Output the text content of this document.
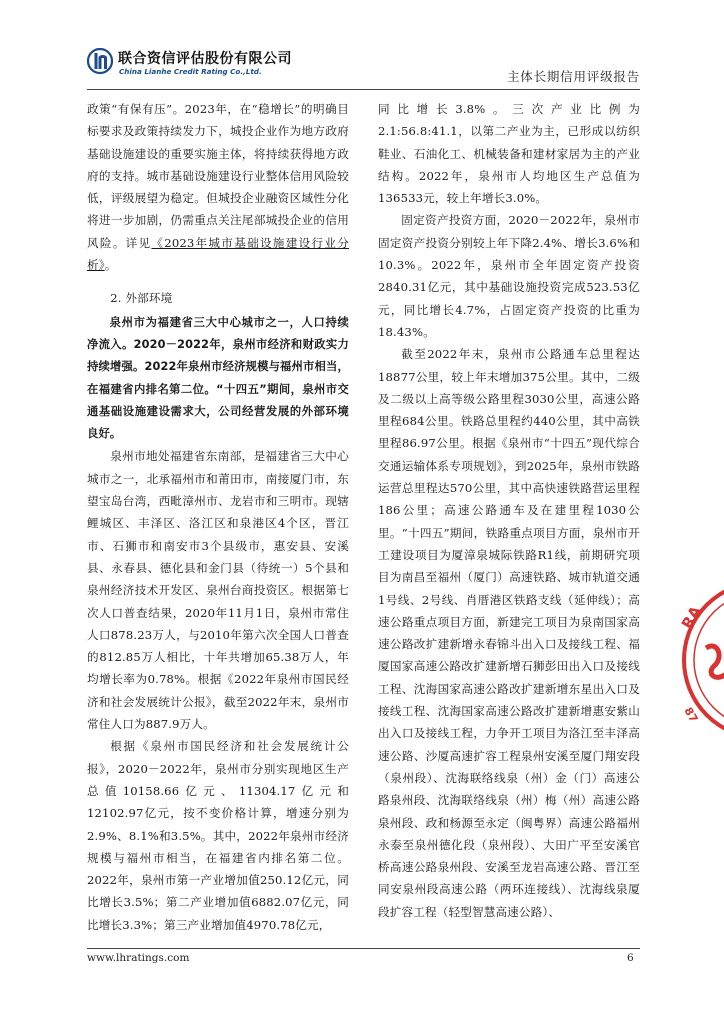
联合资信评估股份有限公司
China Lianhe Credit Rating Co.,Ltd.	主体长期信用评级报告

政策“有保有压”。2023年，在“稳增长”的明确目标要求及政策持续发力下，城投企业作为地方政府基础设施建设的重要实施主体，将持续获得地方政府的支持。城市基础设施建设行业整体信用风险较低，评级展望为稳定。但城投企业融资区域性分化将进一步加剧，仍需重点关注尾部城投企业的信用风险。详见《2023年城市基础设施建设行业分析》。

2. 外部环境

泉州市为福建省三大中心城市之一，人口持续净流入。2020－2022年，泉州市经济和财政实力持续增强。2022年泉州市经济规模与福州市相当，在福建省内排名第二位。“十四五”期间，泉州市交通基础设施建设需求大，公司经营发展的外部环境良好。

泉州市地处福建省东南部，是福建省三大中心城市之一，北承福州市和莆田市，南接厦门市，东望宝岛台湾，西毗漳州市、龙岩市和三明市。现辖鲤城区、丰泽区、洛江区和泉港区4个区，晋江市、石狮市和南安市3个县级市，惠安县、安溪县、永春县、德化县和金门县（待统一）5个县和泉州经济技术开发区、泉州台商投资区。根据第七次人口普查结果，2020年11月1日，泉州市常住人口878.23万人，与2010年第六次全国人口普查的812.85万人相比，十年共增加65.38万人，年均增长率为0.78%。根据《2022年泉州市国民经济和社会发展统计公报》，截至2022年末，泉州市常住人口为887.9万人。

根据《泉州市国民经济和社会发展统计公报》，2020－2022年，泉州市分别实现地区生产总值10158.66亿元、11304.17亿元和12102.97亿元，按不变价格计算，增速分别为2.9%、8.1%和3.5%。其中，2022年泉州市经济规模与福州市相当，在福建省内排名第二位。2022年，泉州市第一产业增加值250.12亿元，同比增长3.5%；第二产业增加值6882.07亿元，同比增长3.3%；第三产业增加值4970.78亿元，

同比增长3.8%。三次产业比例为2.1:56.8:41.1，以第二产业为主，已形成以纺织鞋业、石油化工、机械装备和建材家居为主的产业结构。2022年，泉州市人均地区生产总值为136533元，较上年增长3.0%。

固定资产投资方面，2020－2022年，泉州市固定资产投资分别较上年下降2.4%、增长3.6%和10.3%。2022年，泉州市全年固定资产投资2840.31亿元，其中基础设施投资完成523.53亿元，同比增长4.7%，占固定资产投资的比重为18.43%。

截至2022年末，泉州市公路通车总里程达18877公里，较上年末增加375公里。其中，二级及二级以上高等级公路里程3030公里，高速公路里程684公里。铁路总里程约440公里，其中高铁里程86.97公里。根据《泉州市“十四五”现代综合交通运输体系专项规划》，到2025年，泉州市铁路运营总里程达570公里，其中高快速铁路营运里程186公里；高速公路通车及在建里程1030公里。“十四五”期间，铁路重点项目方面，泉州市开工建设项目为厦漳泉城际铁路R1线，前期研究项目为南昌至福州（厦门）高速铁路、城市轨道交通1号线、2号线、肖厝港区铁路支线（延伸线）；高速公路重点项目方面，新建完工项目为泉南国家高速公路改扩建新增永春锦斗出入口及接线工程、福厦国家高速公路改扩建新增石狮彭田出入口及接线工程、沈海国家高速公路改扩建新增东星出入口及接线工程、沈海国家高速公路改扩建新增惠安紫山出入口及接线工程，力争开工项目为洛江至丰泽高速公路、沙厦高速扩容工程泉州安溪至厦门翔安段（泉州段）、沈海联络线泉（州）金（门）高速公路泉州段、沈海联络线泉（州）梅（州）高速公路泉州段、政和杨源至永定（闽粤界）高速公路福州永泰至泉州德化段（泉州段）、大田广平至安溪官桥高速公路泉州段、安溪至龙岩高速公路、晋江至同安泉州段高速公路（两环连接线）、沈海线泉厦段扩容工程（轻型智慧高速公路）、

RA
87
www.lhratings.com	6
